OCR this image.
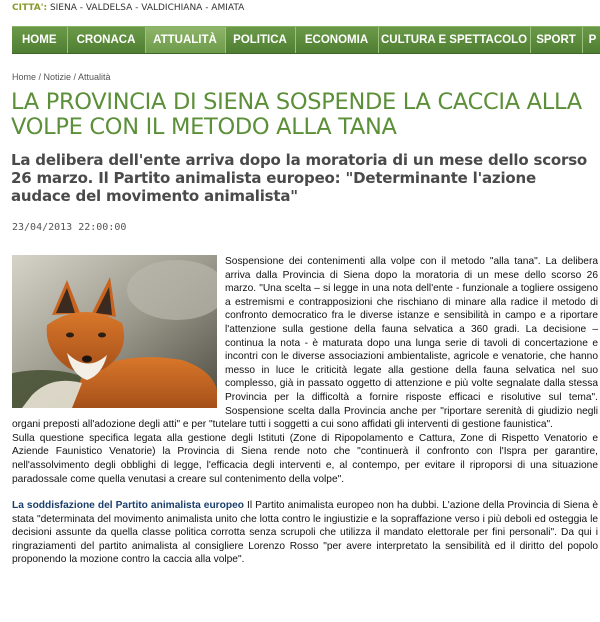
CITTA': SIENA - VALDELSA - VALDICHIANA - AMIATA
HOME	CRONACA	ATTUALITÀ	POLITICA	ECONOMIA	CULTURA E SPETTACOLO SPORT	P
Home / Notizie / Attualità
LA PROVINCIA DI SIENA SOSPENDE LA CACCIA ALLA VOLPE CON IL METODO ALLA TANA
La delibera dell'ente arriva dopo la moratoria di un mese dello scorso 26 marzo. Il Partito animalista europeo: "Determinante l'azione audace del movimento animalista"
23/04/2013 22:00:00

Sospensione dei contenimenti alla volpe con il metodo "alla tana". La delibera arriva dalla Provincia di Siena dopo la moratoria di un mese dello scorso 26 marzo. "Una scelta – si legge in una nota dell'ente - funzionale a togliere ossigeno a estremismi e contrapposizioni che rischiano di minare alla radice il metodo di confronto democratico fra le diverse istanze e sensibilità in campo e a riportare l'attenzione sulla gestione della fauna selvatica a 360 gradi. La decisione – continua la nota - è maturata dopo una lunga serie di tavoli di concertazione e incontri con le diverse associazioni ambientaliste, agricole e venatorie, che hanno messo in luce le criticità legate alla gestione della fauna selvatica nel suo complesso, già in passato oggetto di attenzione e più volte segnalate dalla stessa Provincia per la difficoltà a fornire risposte efficaci e risolutive sul tema". Sospensione scelta dalla Provincia anche per "riportare serenità di giudizio negli organi preposti all'adozione degli atti" e per "tutelare tutti i soggetti a cui sono affidati gli interventi di gestione faunistica".

Sulla questione specifica legata alla gestione degli Istituti (Zone di Ripopolamento e Cattura, Zone di Rispetto Venatorio e Aziende Faunistico Venatorie) la Provincia di Siena rende noto che "continuerà il confronto con l'Ispra per garantire, nell'assolvimento degli obblighi di legge, l'efficacia degli interventi e, al contempo, per evitare il riproporsi di una situazione paradossale come quella venutasi a creare sul contenimento della volpe".

La soddisfazione del Partito animalista europeo Il Partito animalista europeo non ha dubbi. L'azione della Provincia di Siena è stata "determinata del movimento animalista unito che lotta contro le ingiustizie e la sopraffazione verso i più deboli ed osteggia le decisioni assunte da quella classe politica corrotta senza scrupoli che utilizza il mandato elettorale per fini personali". Da qui i ringraziamenti del partito animalista al consigliere Lorenzo Rosso "per avere interpretato la sensibilità ed il diritto del popolo proponendo la mozione contro la caccia alla volpe".
